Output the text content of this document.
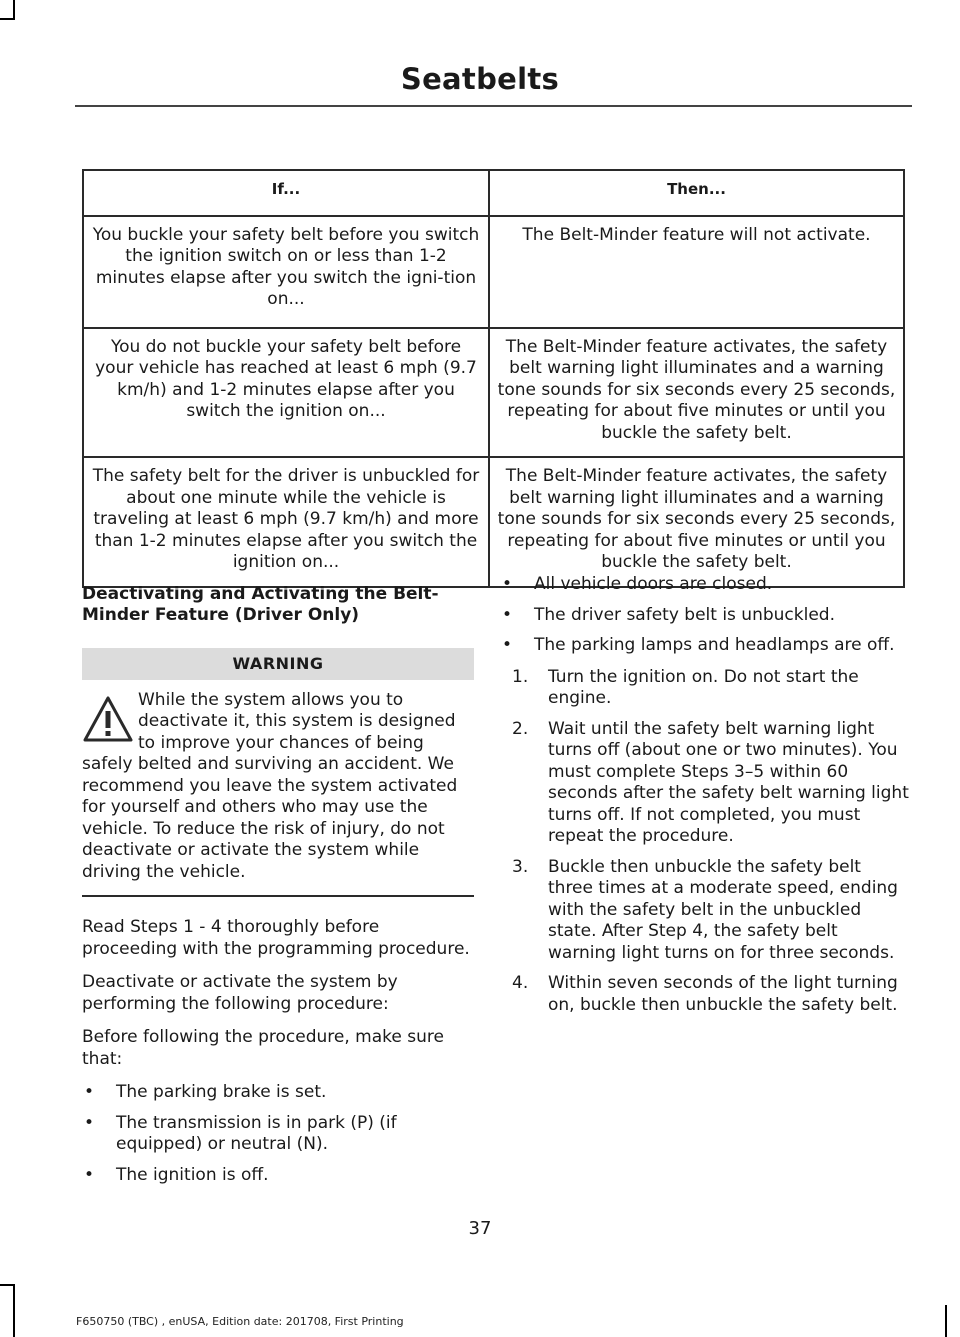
Seatbelts
If...	Then...
You buckle your safety belt before you switch the ignition switch on or less than 1-2 minutes elapse after you switch the igni-tion on...	The Belt-Minder feature will not activate.
You do not buckle your safety belt before your vehicle has reached at least 6 mph (9.7 km/h) and 1-2 minutes elapse after you switch the ignition on...	The Belt-Minder feature activates, the safety belt warning light illuminates and a warning tone sounds for six seconds every 25 seconds, repeating for about five minutes or until you buckle the safety belt.
The safety belt for the driver is unbuckled for about one minute while the vehicle is traveling at least 6 mph (9.7 km/h) and more than 1-2 minutes elapse after you switch the ignition on...	The Belt-Minder feature activates, the safety belt warning light illuminates and a warning tone sounds for six seconds every 25 seconds, repeating for about five minutes or until you buckle the safety belt.
Deactivating and Activating the Belt-Minder Feature (Driver Only)
WARNING
While the system allows you to deactivate it, this system is designed to improve your chances of being safely belted and surviving an accident. We recommend you leave the system activated for yourself and others who may use the vehicle. To reduce the risk of injury, do not deactivate or activate the system while driving the vehicle.

Read Steps 1 - 4 thoroughly before proceeding with the programming procedure.

Deactivate or activate the system by performing the following procedure:

Before following the procedure, make sure that:

• The parking brake is set.
• The transmission is in park (P) (if equipped) or neutral (N).
• The ignition is off.
• All vehicle doors are closed.
• The driver safety belt is unbuckled.
• The parking lamps and headlamps are off.
1. Turn the ignition on. Do not start the engine.
2. Wait until the safety belt warning light turns off (about one or two minutes). You must complete Steps 3–5 within 60 seconds after the safety belt warning light turns off. If not completed, you must repeat the procedure.
3. Buckle then unbuckle the safety belt three times at a moderate speed, ending with the safety belt in the unbuckled state. After Step 4, the safety belt warning light turns on for three seconds.
4. Within seven seconds of the light turning on, buckle then unbuckle the safety belt.
37
F650750 (TBC) , enUSA, Edition date: 201708, First Printing
